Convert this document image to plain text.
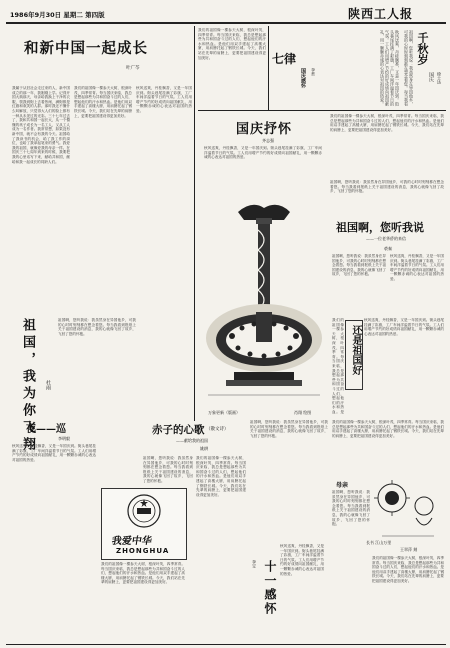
1986年9月30日 星期二 第四版	陕西工人报
和新中国一起成长
叶广芩
我属于从旧社会走过来的人，新中国成立的那一年，我刚刚上学。记得开国大典那天，母亲给我换上干净的衣服，领我到街上去看热闹，满街都是红旗和欢笑的人群。那时我还不懂什么叫解放，只觉得大人们的脸上都有一种从未见过的光彩。三十七年过去了，我和共和国一起长大，从一个懵懂的孩子成长为一名工人，又从工人成为一名作者。我常常想，如果没有新中国，就不会有我的今天。祖国给了我读书的机会，给了我工作的岗位，也给了我拿起笔来的勇气。我爱我的祖国，就像爱我的母亲一样。在国庆三十七周年到来的时候，我要把我的心里话写下来，献给共和国，献给和我一起成长的同龄人们。
我们的祖国像一棵参天大树，根深叶茂，四季常青。每当国庆来临，我总是想起那些为共和国奋斗过的人们，想起他们的汗水和热血。是他们用双手建起了高楼大厦，用肩膀托起了钢铁长城。今天，我们站在先辈的肩膀上，更要把祖国建设得更加美好。
秋风送爽，丹桂飘香，又是一年国庆到。街头巷尾挂满了彩旗，工厂车间洋溢着节日的气氛。工人们用增产节约的好成绩向祖国献礼，用一颗颗赤诚的心表达对祖国的热爱。
祖国，我为你飞翔	杜雨
祖国啊，您听我说：我虽然身在异国他乡，可我的心时时刻刻都在想念着您。每当我看到报纸上关于祖国建设的消息，我的心就像飞回了故乡，飞回了您的怀抱。
夜——巡
李明毅
秋风送爽，丹桂飘香，又是一年国庆到。街头巷尾挂满了彩旗，工厂车间洋溢着节日的气氛。工人们用增产节约的好成绩向祖国献礼，用一颗颗赤诚的心表达对祖国的热爱。
我爱中华
ZHONGHUA
我们的祖国像一棵参天大树，根深叶茂，四季常青。每当国庆来临，我总是想起那些为共和国奋斗过的人们，想起他们的汗水和热血。是他们用双手建起了高楼大厦，用肩膀托起了钢铁长城。今天，我们站在先辈的肩膀上，更要把祖国建设得更加美好。
赤子的心歌 （散文诗）
——献给我的祖国
姚耕
祖国啊，您听我说：我虽然身在异国他乡，可我的心时时刻刻都在想念着您。每当我看到报纸上关于祖国建设的消息，我的心就像飞回了故乡，飞回了您的怀抱。
我们的祖国像一棵参天大树，根深叶茂，四季常青。每当国庆来临，我总是想起那些为共和国奋斗过的人们，想起他们的汗水和热血。是他们用双手建起了高楼大厦，用肩膀托起了钢铁长城。今天，我们站在先辈的肩膀上，更要把祖国建设得更加美好。
我们的祖国像一棵参天大树，根深叶茂，四季常青。每当国庆来临，我总是想起那些为共和国奋斗过的人们，想起他们的汗水和热血。是他们用双手建起了高楼大厦，用肩膀托起了钢铁长城。今天，我们站在先辈的肩膀上，更要把祖国建设得更加美好。
国庆抒怀
齐志强
秋风送爽，丹桂飘香，又是一年国庆到。街头巷尾挂满了彩旗，工厂车间洋溢着节日的气氛。工人们用增产节约的好成绩向祖国献礼，用一颗颗赤诚的心表达对祖国的热爱。
万象更新（版画）	肖翔 绘图
七律
国庆感怀 李哲	秋风送爽，丹桂飘香，又是一年国庆到。街头巷尾挂满了彩旗，工厂车间洋溢着节日的气氛。工人们用增产节约的好成绩向祖国献礼，用一颗颗赤诚的心表达对祖国的热爱。	千秋岁
国庆 徐士达
祖国啊，您听我说：我虽然身在异国他乡，可我的心时时刻刻都在想念着您。每当我看
我们的祖国像一棵参天大树，根深叶茂，四季常青。每当国庆来临，我总是想起那些为共和国奋斗过的人们，想起他们的汗水和热血。是他们用双手建起了高楼大厦，用肩膀托起了钢铁长城。今天，我们站在先辈的肩膀上，更要把祖国建设得更加美好。
祖国啊，您听我说：我虽然身在异国他乡，可我的心时时刻刻都在想念着您。每当我看到报纸上关于祖国建设的消息，我的心就像飞回了故乡，飞回了您的怀抱。
祖国啊，您听我说
——一位老华侨的来信
裘秦
祖国啊，您听我说：我虽然身在异国他乡，可我的心时时刻刻都在想念着您。每当我看到报纸上关于祖国建设的消息，我的心就像飞回了故乡，飞回了您的怀抱。
秋风送爽，丹桂飘香，又是一年国庆到。街头巷尾挂满了彩旗，工厂车间洋溢着节日的气氛。工人们用增产节约的好成绩向祖国献礼，用一颗颗赤诚的心表达对祖国的热爱。
还是祖国好
我们的祖国像一棵参天大树，根深叶茂，四季常青。每当国庆来临，我总是想起那些为共和国奋斗过的人们，想起他们的汗水和热血。是
秋风送爽，丹桂飘香，又是一年国庆到。街头巷尾挂满了彩旗，工厂车间洋溢着节日的气氛。工人们用增产节约的好成绩向祖国献礼，用一颗颗赤诚的心表达对祖国的热爱。
祖国啊，您听我说：我虽然身在异国他乡，可我的心时时刻刻都在想念着您。每当我看到报纸上关于祖国建设的消息，我的心就像飞回了故乡，飞回了您的怀抱。
我们的祖国像一棵参天大树，根深叶茂，四季常青。每当国庆来临，我总是想起那些为共和国奋斗过的人们，想起他们的汗水和热血。是他们用双手建起了高楼大厦，用肩膀托起了钢铁长城。今天，我们站在先辈的肩膀上，更要把祖国建设得更加美好。
长书 江山万里
王翠萍 刻
十一感怀
李宝
秋风送爽，丹桂飘香，又是一年国庆到。街头巷尾挂满了彩旗，工厂车间洋溢着节日的气氛。工人们用增产节约的好成绩向祖国献礼，用一颗颗赤诚的心表达对祖国的热爱。
母亲
祖国啊，您听我说：我虽然身在异国他乡，可我的心时时刻刻都在想念着您。每当我看到报纸上关于祖国建设的消息，我的心就像飞回了故乡，飞回了您的怀抱。
我们的祖国像一棵参天大树，根深叶茂，四季常青。每当国庆来临，我总是想起那些为共和国奋斗过的人们，想起他们的汗水和热血。是他们用双手建起了高楼大厦，用肩膀托起了钢铁长城。今天，我们站在先辈的肩膀上，更要把祖国建设得更加美好。
